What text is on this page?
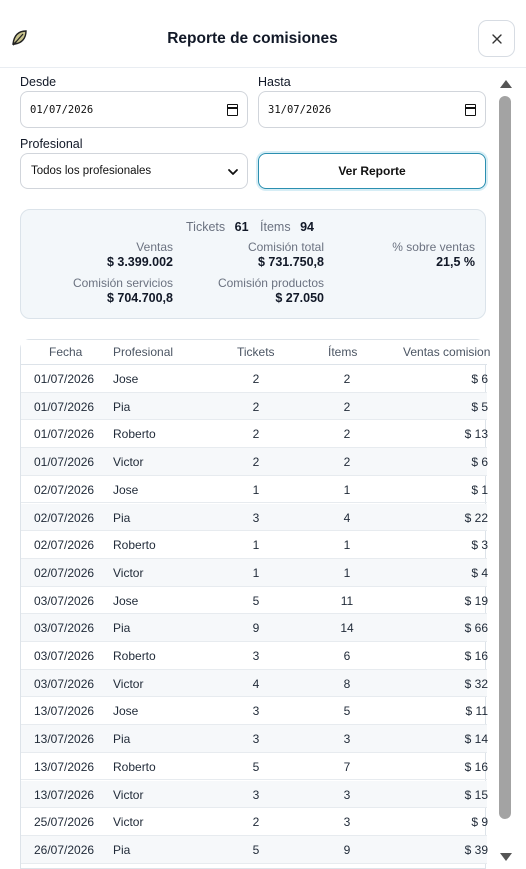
Reporte de comisiones
Desde
01/07/2026
Hasta
31/07/2026
Profesional
Todos los profesionales	Ver Reporte
Tickets 61 Ítems 94
Ventas
$ 3.399.002
Comisión total
$ 731.750,8
% sobre ventas
21,5 %
Comisión servicios
$ 704.700,8
Comisión productos
$ 27.050
Fecha	Profesional	Tickets	Ítems	Ventas comision
01/07/2026 Jose	2	2	$ 6
01/07/2026 Pia	2	2	$ 5
01/07/2026 Roberto	2	2	$ 13
01/07/2026 Victor	2	2	$ 6
02/07/2026 Jose	1	1	$ 1
02/07/2026 Pia	3	4	$ 22
02/07/2026 Roberto	1	1	$ 3
02/07/2026 Victor	1	1	$ 4
03/07/2026 Jose	5	11	$ 19
03/07/2026 Pia	9	14	$ 66
03/07/2026 Roberto	3	6	$ 16
03/07/2026 Victor	4	8	$ 32
13/07/2026 Jose	3	5	$ 11
13/07/2026 Pia	3	3	$ 14
13/07/2026 Roberto	5	7	$ 16
13/07/2026 Victor	3	3	$ 15
25/07/2026 Victor	2	3	$ 9
26/07/2026 Pia	5	9	$ 39
